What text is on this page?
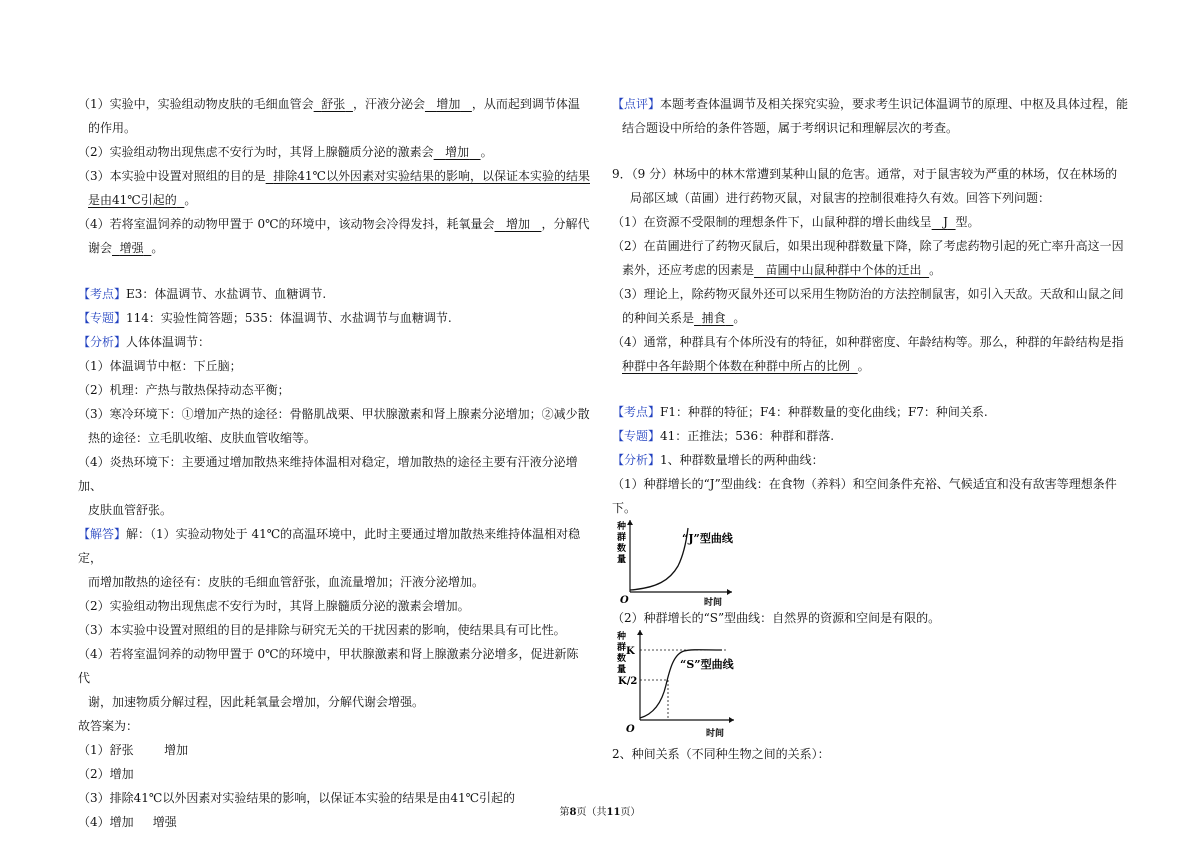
（1）实验中，实验组动物皮肤的毛细血管会 舒张 ，汗液分泌会 增加 ，从而起到调节体温

的作用。

（2）实验组动物出现焦虑不安行为时，其肾上腺髓质分泌的激素会 增加 。

（3）本实验中设置对照组的目的是 排除41℃以外因素对实验结果的影响，以保证本实验的结果

是由41℃引起的 。

（4）若将室温饲养的动物甲置于 0℃的环境中，该动物会冷得发抖，耗氧量会 增加 ，分解代

谢会 增强 。

【考点】E3：体温调节、水盐调节、血糖调节.

【专题】114：实验性简答题；535：体温调节、水盐调节与血糖调节.

【分析】人体体温调节：

（1）体温调节中枢：下丘脑；

（2）机理：产热与散热保持动态平衡；

（3）寒冷环境下：①增加产热的途径：骨骼肌战栗、甲状腺激素和肾上腺素分泌增加；②减少散

热的途径：立毛肌收缩、皮肤血管收缩等。

（4）炎热环境下：主要通过增加散热来维持体温相对稳定，增加散热的途径主要有汗液分泌增加、

皮肤血管舒张。

【解答】解：（1）实验动物处于 41℃的高温环境中，此时主要通过增加散热来维持体温相对稳定，

而增加散热的途径有：皮肤的毛细血管舒张，血流量增加；汗液分泌增加。

（2）实验组动物出现焦虑不安行为时，其肾上腺髓质分泌的激素会增加。

（3）本实验中设置对照组的目的是排除与研究无关的干扰因素的影响，使结果具有可比性。

（4）若将室温饲养的动物甲置于 0℃的环境中，甲状腺激素和肾上腺激素分泌增多，促进新陈代

谢，加速物质分解过程，因此耗氧量会增加，分解代谢会增强。

故答案为：

（1）舒张        增加

（2）增加

（3）排除41℃以外因素对实验结果的影响，以保证本实验的结果是由41℃引起的

（4）增加     增强

【点评】本题考查体温调节及相关探究实验，要求考生识记体温调节的原理、中枢及具体过程，能

结合题设中所给的条件答题，属于考纲识记和理解层次的考查。

9．（9 分）林场中的林木常遭到某种山鼠的危害。通常，对于鼠害较为严重的林场，仅在林场的

局部区域（苗圃）进行药物灭鼠，对鼠害的控制很难持久有效。回答下列问题：

（1）在资源不受限制的理想条件下，山鼠种群的增长曲线呈 J 型。

（2）在苗圃进行了药物灭鼠后，如果出现种群数量下降，除了考虑药物引起的死亡率升高这一因

素外，还应考虑的因素是 苗圃中山鼠种群中个体的迁出 。

（3）理论上，除药物灭鼠外还可以采用生物防治的方法控制鼠害，如引入天敌。天敌和山鼠之间

的种间关系是 捕食 。

（4）通常，种群具有个体所没有的特征，如种群密度、年龄结构等。那么，种群的年龄结构是指

种群中各年龄期个体数在种群中所占的比例 。

【考点】F1：种群的特征；F4：种群数量的变化曲线；F7：种间关系.

【专题】41：正推法；536：种群和群落.

【分析】1、种群数量增长的两种曲线：

（1）种群增长的“J”型曲线：在食物（养料）和空间条件充裕、气候适宜和没有敌害等理想条件下。

种
群
数
量
“J”型曲线
O	时间

（2）种群增长的“S”型曲线：自然界的资源和空间是有限的。

种
群
数
量
K
K/2
“S”型曲线
O	时间

2、种间关系（不同种生物之间的关系）：

第8页（共11页）
